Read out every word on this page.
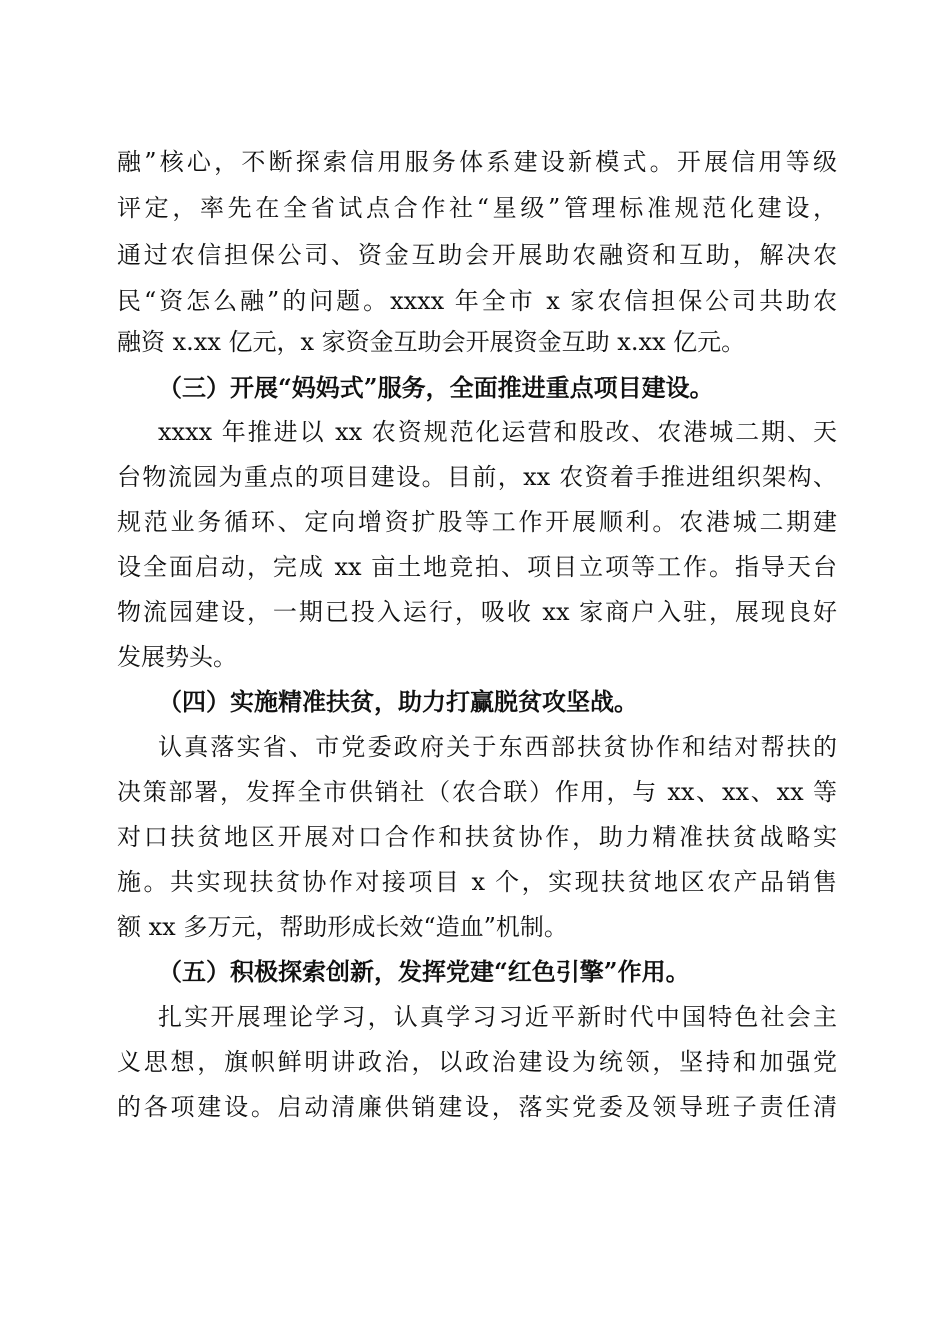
融”核心，不断探索信用服务体系建设新模式。开展信用等级
评定，率先在全省试点合作社“星级”管理标准规范化建设，
通过农信担保公司、资金互助会开展助农融资和互助，解决农
民“资怎么融”的问题。xxxx 年全市 x 家农信担保公司共助农
融资 x.xx 亿元，x 家资金互助会开展资金互助 x.xx 亿元。
（三）开展“妈妈式”服务，全面推进重点项目建设。
xxxx 年推进以 xx 农资规范化运营和股改、农港城二期、天
台物流园为重点的项目建设。目前，xx 农资着手推进组织架构、
规范业务循环、定向增资扩股等工作开展顺利。农港城二期建
设全面启动，完成 xx 亩土地竞拍、项目立项等工作。指导天台
物流园建设，一期已投入运行，吸收 xx 家商户入驻，展现良好
发展势头。
（四）实施精准扶贫，助力打赢脱贫攻坚战。
认真落实省、市党委政府关于东西部扶贫协作和结对帮扶的
决策部署，发挥全市供销社（农合联）作用，与 xx、xx、xx 等
对口扶贫地区开展对口合作和扶贫协作，助力精准扶贫战略实
施。共实现扶贫协作对接项目 x 个，实现扶贫地区农产品销售
额 xx 多万元，帮助形成长效“造血”机制。
（五）积极探索创新，发挥党建“红色引擎”作用。
扎实开展理论学习，认真学习习近平新时代中国特色社会主
义思想，旗帜鲜明讲政治，以政治建设为统领，坚持和加强党
的各项建设。启动清廉供销建设，落实党委及领导班子责任清
